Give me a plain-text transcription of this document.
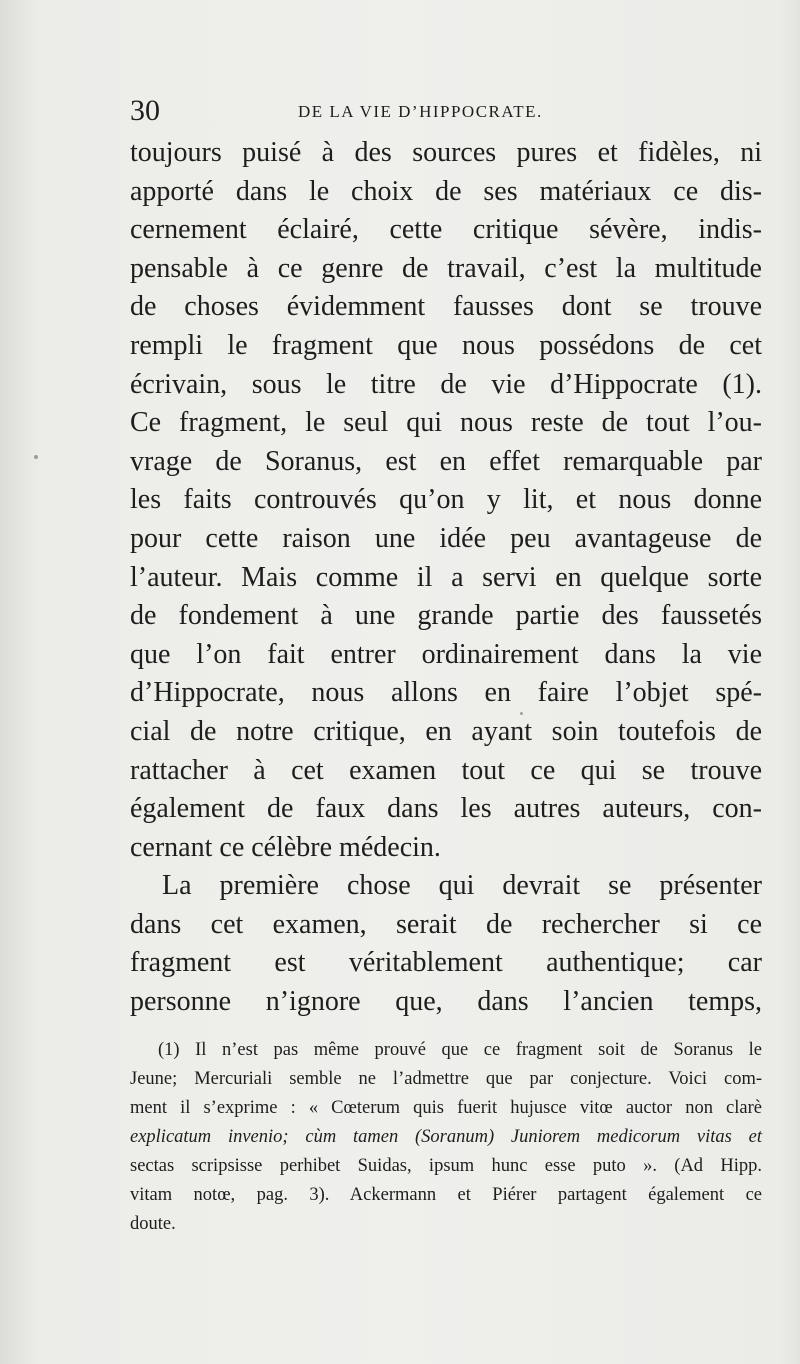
30	DE LA VIE D’HIPPOCRATE.
toujours puisé à des sources pures et fidèles, ni
apporté dans le choix de ses matériaux ce dis-
cernement éclairé, cette critique sévère, indis-
pensable à ce genre de travail, c’est la multitude
de choses évidemment fausses dont se trouve
rempli le fragment que nous possédons de cet
écrivain, sous le titre de vie d’Hippocrate (1).
Ce fragment, le seul qui nous reste de tout l’ou-
vrage de Soranus, est en effet remarquable par
les faits controuvés qu’on y lit, et nous donne
pour cette raison une idée peu avantageuse de
l’auteur. Mais comme il a servi en quelque sorte
de fondement à une grande partie des faussetés
que l’on fait entrer ordinairement dans la vie
d’Hippocrate, nous allons en faire l’objet spé-
cial de notre critique, en ayant soin toutefois de
rattacher à cet examen tout ce qui se trouve
également de faux dans les autres auteurs, con-
cernant ce célèbre médecin.
La première chose qui devrait se présenter
dans cet examen, serait de rechercher si ce
fragment est véritablement authentique; car
personne n’ignore que, dans l’ancien temps,
(1) Il n’est pas même prouvé que ce fragment soit de Soranus le
Jeune; Mercuriali semble ne l’admettre que par conjecture. Voici com-
ment il s’exprime : « Cœterum quis fuerit hujusce vitœ auctor non clarè
explicatum invenio; cùm tamen (Soranum) Juniorem medicorum vitas et
sectas scripsisse perhibet Suidas, ipsum hunc esse puto ». (Ad Hipp.
vitam notœ, pag. 3). Ackermann et Piérer partagent également ce
doute.
